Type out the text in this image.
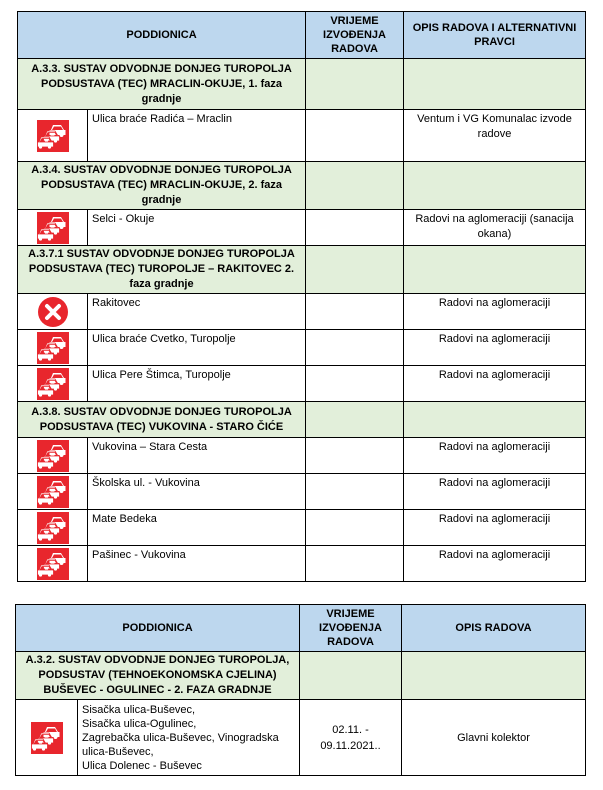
PODDIONICA		VRIJEME IZVOĐENJA RADOVA	OPIS RADOVA I ALTERNATIVNI PRAVCI
A.3.3. SUSTAV ODVODNJE DONJEG TUROPOLJA PODSUSTAVA (TEC) MRACLIN-OKUJE, 1. faza gradnje			

	Ulica braće Radića – Mraclin		Ventum i VG Komunalac izvode radove
A.3.4. SUSTAV ODVODNJE DONJEG TUROPOLJA PODSUSTAVA (TEC) MRACLIN-OKUJE, 2. faza gradnje			

	Selci - Okuje		Radovi na aglomeraciji (sanacija okana)
A.3.7.1 SUSTAV ODVODNJE DONJEG TUROPOLJA PODSUSTAVA (TEC) TUROPOLJE – RAKITOVEC 2. faza gradnje			

	Rakitovec		Radovi na aglomeraciji

	Ulica braće Cvetko, Turopolje		Radovi na aglomeraciji

	Ulica Pere Štimca, Turopolje		Radovi na aglomeraciji
A.3.8. SUSTAV ODVODNJE DONJEG TUROPOLJA PODSUSTAVA (TEC) VUKOVINA - STARO ČIĆE			

	Vukovina – Stara Cesta		Radovi na aglomeraciji

	Školska ul. - Vukovina		Radovi na aglomeraciji

	Mate Bedeka		Radovi na aglomeraciji

	Pašinec - Vukovina		Radovi na aglomeraciji
PODDIONICA		VRIJEME IZVOĐENJA RADOVA	OPIS RADOVA
A.3.2. SUSTAV ODVODNJE DONJEG TUROPOLJA, PODSUSTAV (TEHNOEKONOMSKA CJELINA) BUŠEVEC - OGULINEC - 2. FAZA GRADNJE			

Sisačka ulica-Buševec,
Sisačka ulica-Ogulinec,
Zagrebačka ulica-Buševec, Vinogradska
ulica-Buševec,
Ulica Dolenec - Buševec	02.11. - 09.11.2021..	Glavni kolektor
